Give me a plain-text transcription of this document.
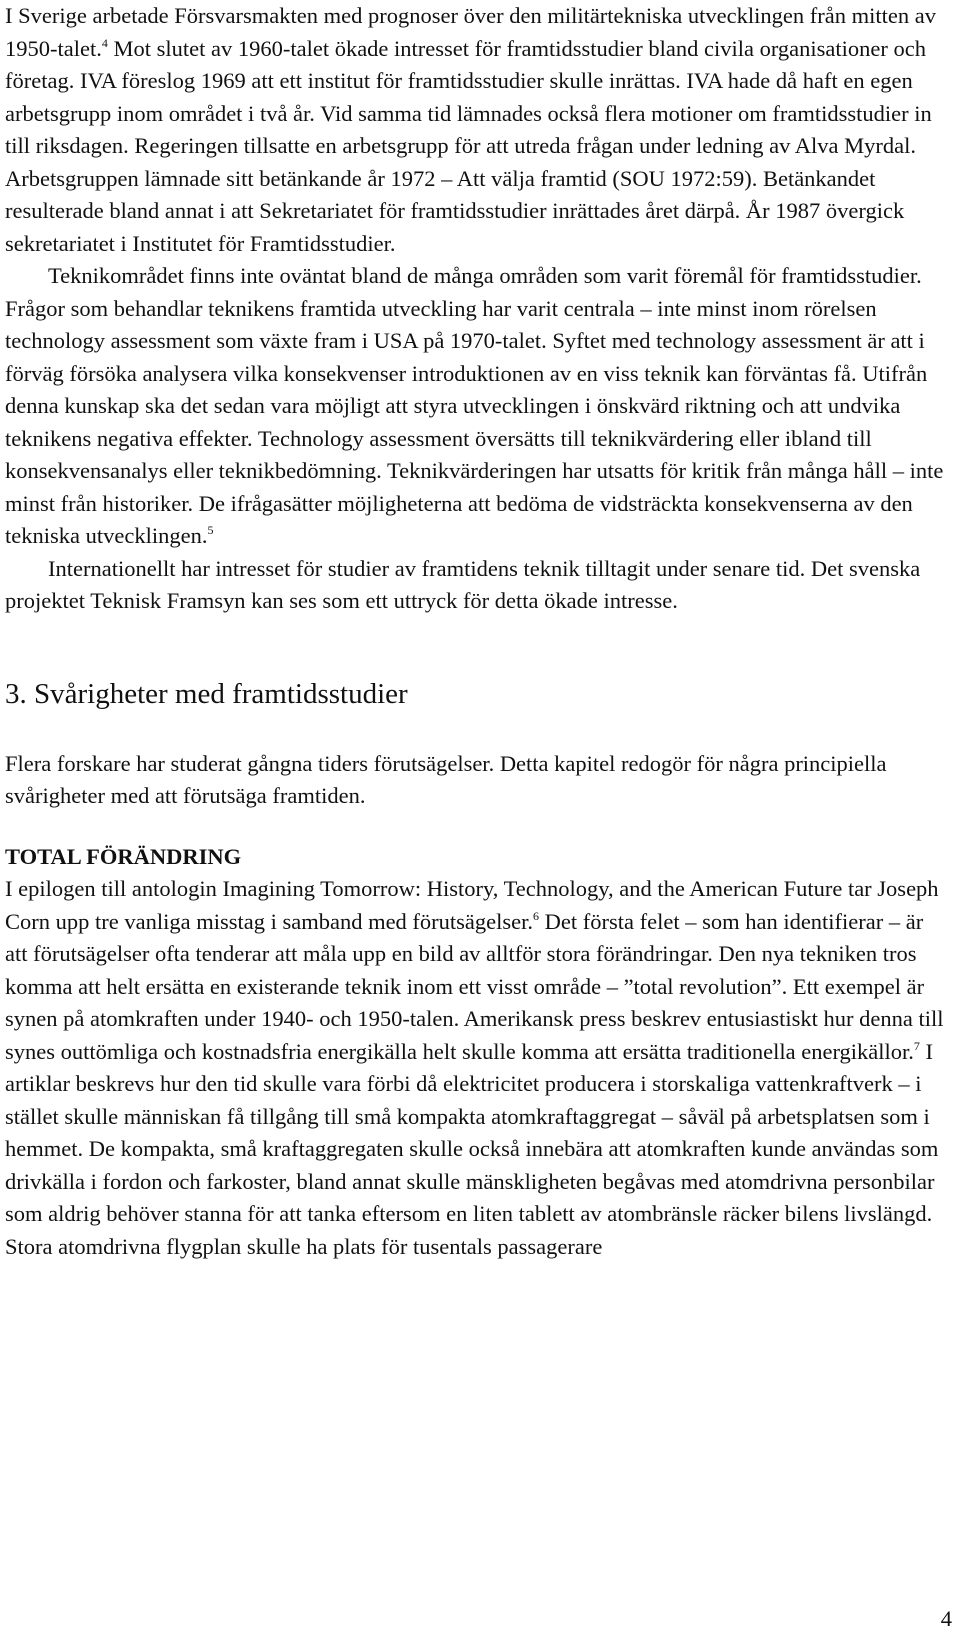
I Sverige arbetade Försvarsmakten med prognoser över den militärtekniska utvecklingen från mitten av 1950-talet.$^4$ Mot slutet av 1960-talet ökade intresset för framtidsstudier bland civila organisationer och företag. IVA föreslog 1969 att ett institut för framtidsstudier skulle inrättas. IVA hade då haft en egen arbetsgrupp inom området i två år. Vid samma tid lämnades också flera motioner om framtidsstudier in till riksdagen. Regeringen tillsatte en arbetsgrupp för att utreda frågan under ledning av Alva Myrdal. Arbetsgruppen lämnade sitt betänkande år 1972 – Att välja framtid (SOU 1972:59). Betänkandet resulterade bland annat i att Sekretariatet för framtidsstudier inrättades året därpå. År 1987 övergick sekretariatet i Institutet för Framtidsstudier.

Teknikområdet finns inte oväntat bland de många områden som varit föremål för framtidsstudier. Frågor som behandlar teknikens framtida utveckling har varit centrala – inte minst inom rörelsen technology assessment som växte fram i USA på 1970-talet. Syftet med technology assessment är att i förväg försöka analysera vilka konsekvenser introduktionen av en viss teknik kan förväntas få. Utifrån denna kunskap ska det sedan vara möjligt att styra utvecklingen i önskvärd riktning och att undvika teknikens negativa effekter. Technology assessment översätts till teknikvärdering eller ibland till konsekvensanalys eller teknikbedömning. Teknikvärderingen har utsatts för kritik från många håll – inte minst från historiker. De ifrågasätter möjligheterna att bedöma de vidsträckta konsekvenserna av den tekniska utvecklingen.$^5$

Internationellt har intresset för studier av framtidens teknik tilltagit under senare tid. Det svenska projektet Teknisk Framsyn kan ses som ett uttryck för detta ökade intresse.

3. Svårigheter med framtidsstudier

Flera forskare har studerat gångna tiders förutsägelser. Detta kapitel redogör för några principiella svårigheter med att förutsäga framtiden.

TOTAL FÖRÄNDRING

I epilogen till antologin Imagining Tomorrow: History, Technology, and the American Future tar Joseph Corn upp tre vanliga misstag i samband med förutsägelser.$^6$ Det första felet – som han identifierar – är att förutsägelser ofta tenderar att måla upp en bild av alltför stora förändringar. Den nya tekniken tros komma att helt ersätta en existerande teknik inom ett visst område – ”total revolution”. Ett exempel är synen på atomkraften under 1940- och 1950-talen. Amerikansk press beskrev entusiastiskt hur denna till synes outtömliga och kostnadsfria energikälla helt skulle komma att ersätta traditionella energikällor.$^7$ I artiklar beskrevs hur den tid skulle vara förbi då elektricitet producera i storskaliga vattenkraftverk – i stället skulle människan få tillgång till små kompakta atomkraftaggregat – såväl på arbetsplatsen som i hemmet. De kompakta, små kraftaggregaten skulle också innebära att atomkraften kunde användas som drivkälla i fordon och farkoster, bland annat skulle mänskligheten begåvas med atomdrivna personbilar som aldrig behöver stanna för att tanka eftersom en liten tablett av atombränsle räcker bilens livslängd. Stora atomdrivna flygplan skulle ha plats för tusentals passagerare

4
